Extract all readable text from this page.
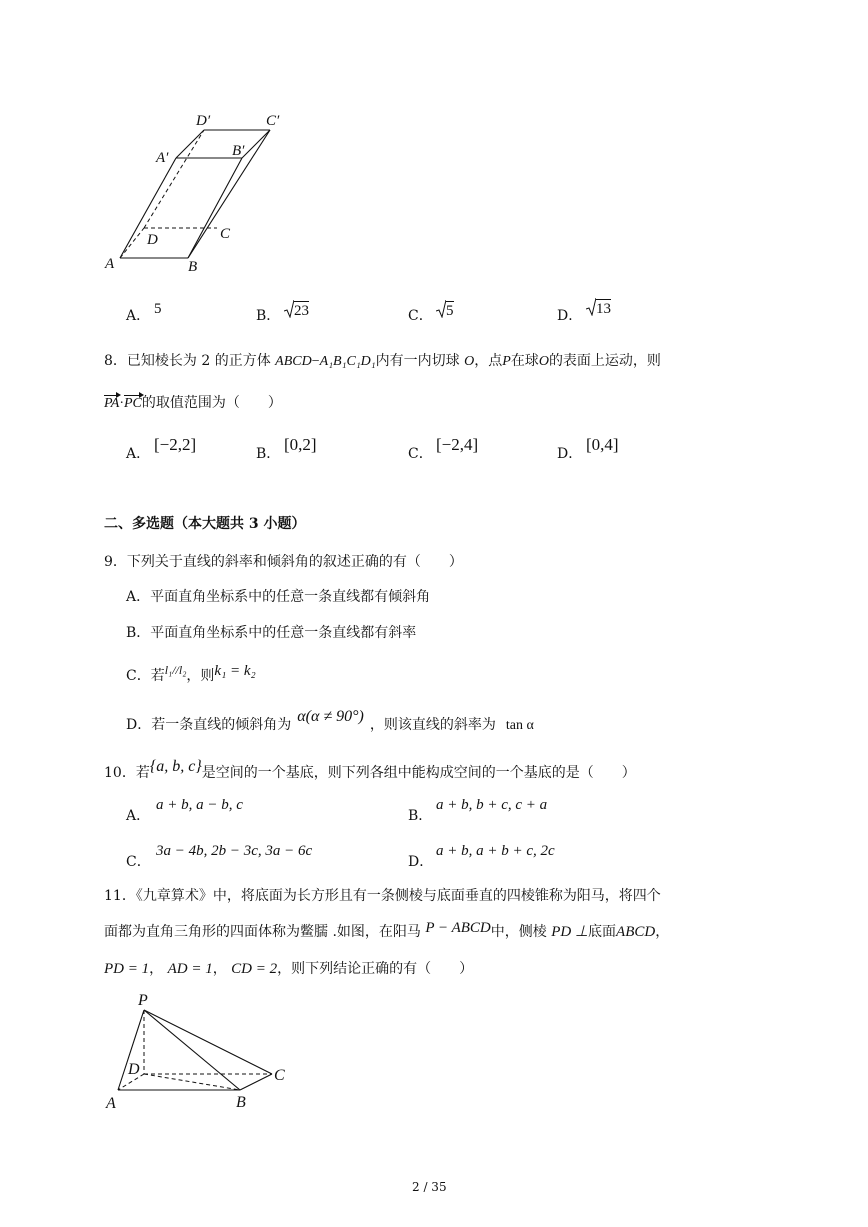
D′	C′
A′	B′
D	C
A	B
A． 5	B． 23	C． 5	D． 13
8．已知棱长为 2 的正方体 ABCD−A₁B₁C₁D₁内有一内切球 O，点P在球O的表面上运动，则
PA·PC的取值范围为（　　）
A． [−2,2]	B． [0,2]	C． [−2,4]	D． [0,4]
二、多选题（本大题共 3 小题）
9．下列关于直线的斜率和倾斜角的叙述正确的有（　　）
A．平面直角坐标系中的任意一条直线都有倾斜角
B．平面直角坐标系中的任意一条直线都有斜率
C．若l₁//l₂，则k₁ = k₂
D．若一条直线的倾斜角为 α(α ≠ 90°) ，则该直线的斜率为 tan α
10．若{a, b, c}是空间的一个基底，则下列各组中能构成空间的一个基底的是（　　）
A．
a + b, a − b, c
B．
a + b, b + c, c + a
C．
3a − 4b, 2b − 3c, 3a − 6c
D．
a + b, a + b + c, 2c
11．《九章算术》中，将底面为长方形且有一条侧棱与底面垂直的四棱锥称为阳马，将四个
面都为直角三角形的四面体称为鳖臑 .如图，在阳马 P − ABCD中，侧棱 PD ⊥底面ABCD，
PD = 1， AD = 1， CD = 2，则下列结论正确的有（　　）
P
D	C
A	B
2 / 35
